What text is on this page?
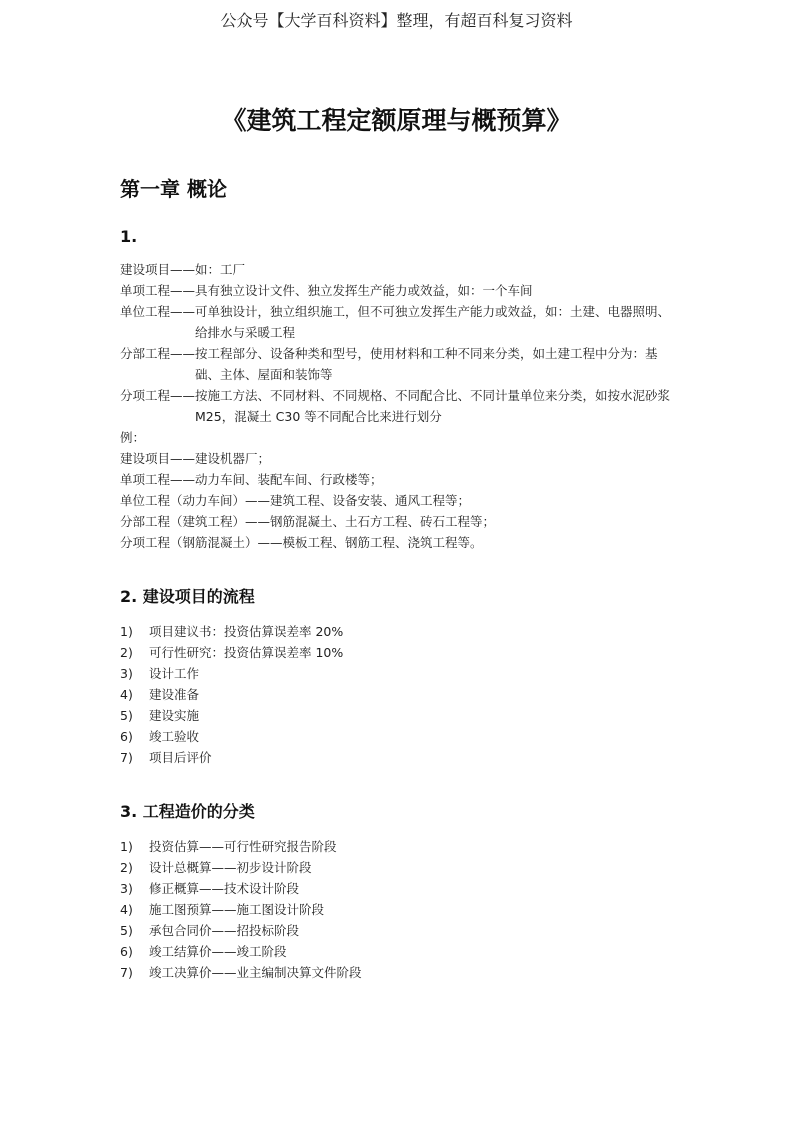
公众号【大学百科资料】整理，有超百科复习资料
《建筑工程定额原理与概预算》
第一章 概论
1.
建设项目—— 如：工厂
单项工程—— 具有独立设计文件、独立发挥生产能力或效益，如：一个车间
单位工程—— 可单独设计，独立组织施工，但不可独立发挥生产能力或效益，如：土建、电器照明、给排水与采暖工程
分部工程—— 按工程部分、设备种类和型号，使用材料和工种不同来分类，如土建工程中分为：基础、主体、屋面和装饰等
分项工程—— 按施工方法、不同材料、不同规格、不同配合比、不同计量单位来分类，如按水泥砂浆 M25，混凝土 C30 等不同配合比来进行划分
例：
建设项目——建设机器厂；
单项工程——动力车间、装配车间、行政楼等；
单位工程（动力车间）——建筑工程、设备安装、通风工程等；
分部工程（建筑工程）——钢筋混凝土、土石方工程、砖石工程等；
分项工程（钢筋混凝土）——模板工程、钢筋工程、浇筑工程等。
2. 建设项目的流程
1)	项目建议书：投资估算误差率 20%
2)	可行性研究：投资估算误差率 10%
3)	设计工作
4)	建设准备
5)	建设实施
6)	竣工验收
7)	项目后评价
3. 工程造价的分类
1)	投资估算——可行性研究报告阶段
2)	设计总概算——初步设计阶段
3)	修正概算——技术设计阶段
4)	施工图预算——施工图设计阶段
5)	承包合同价——招投标阶段
6)	竣工结算价——竣工阶段
7)	竣工决算价——业主编制决算文件阶段
